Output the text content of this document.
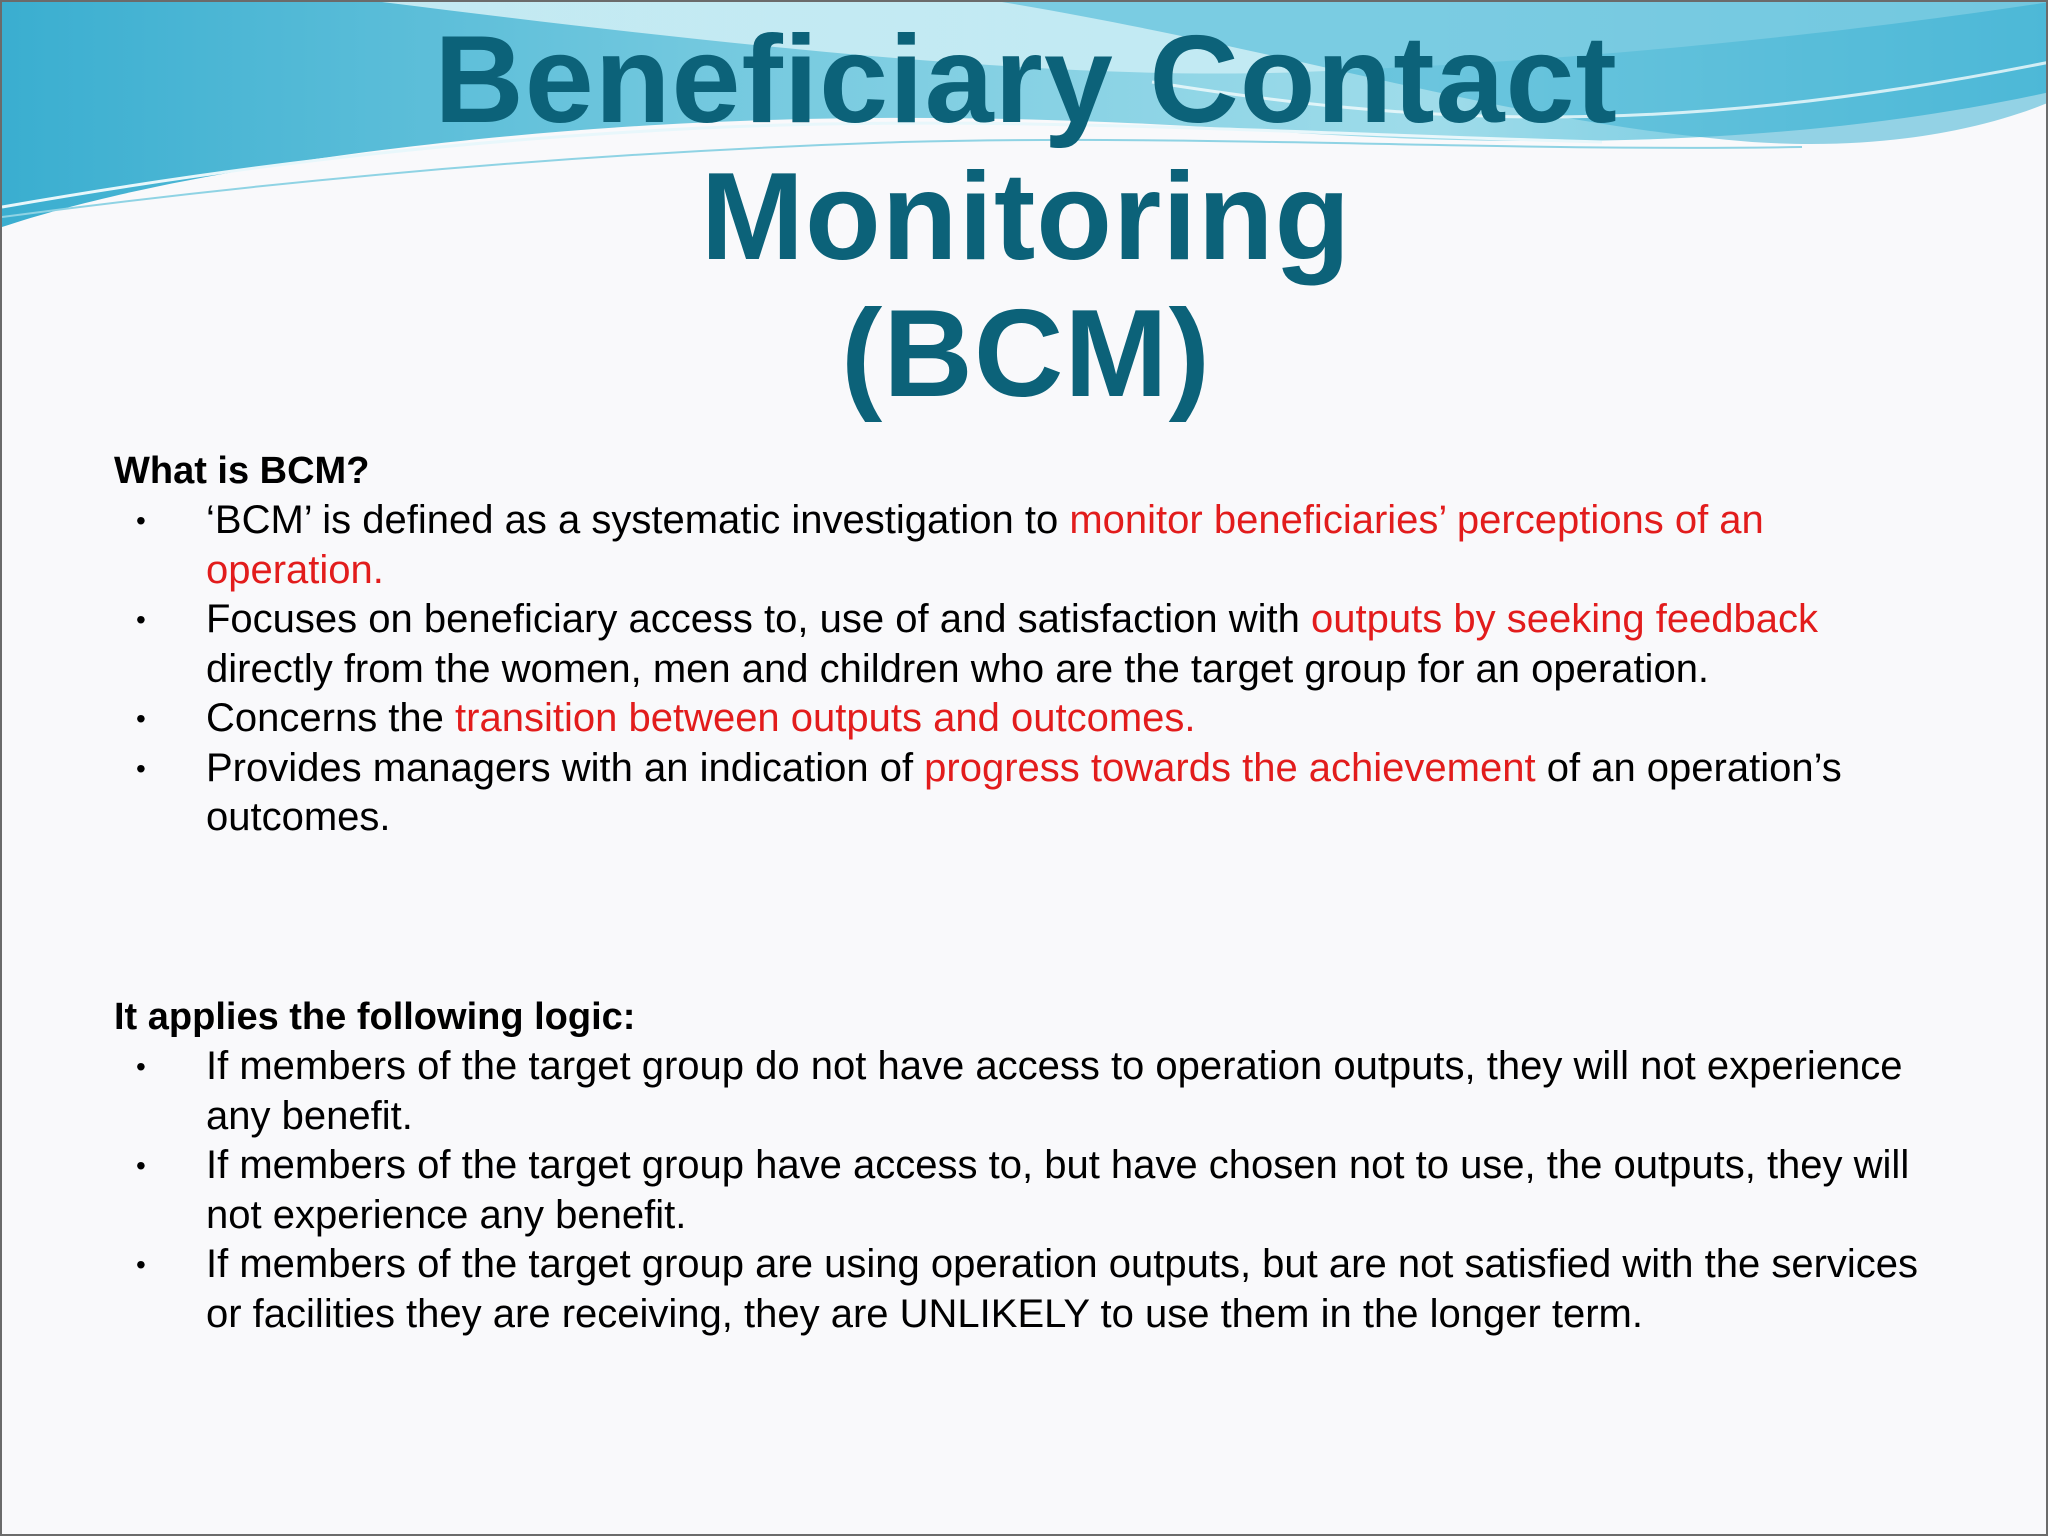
Beneficiary Contact
Monitoring
(BCM)

What is BCM?

• ‘BCM’ is defined as a systematic investigation to monitor beneficiaries’ perceptions of an operation.
• Focuses on beneficiary access to, use of and satisfaction with outputs by seeking feedback directly from the women, men and children who are the target group for an operation.
• Concerns the transition between outputs and outcomes.
• Provides managers with an indication of progress towards the achievement of an operation’s outcomes.

It applies the following logic:

• If members of the target group do not have access to operation outputs, they will not experience any benefit.
• If members of the target group have access to, but have chosen not to use, the outputs, they will not experience any benefit.
• If members of the target group are using operation outputs, but are not satisfied with the services or facilities they are receiving, they are UNLIKELY to use them in the longer term.
